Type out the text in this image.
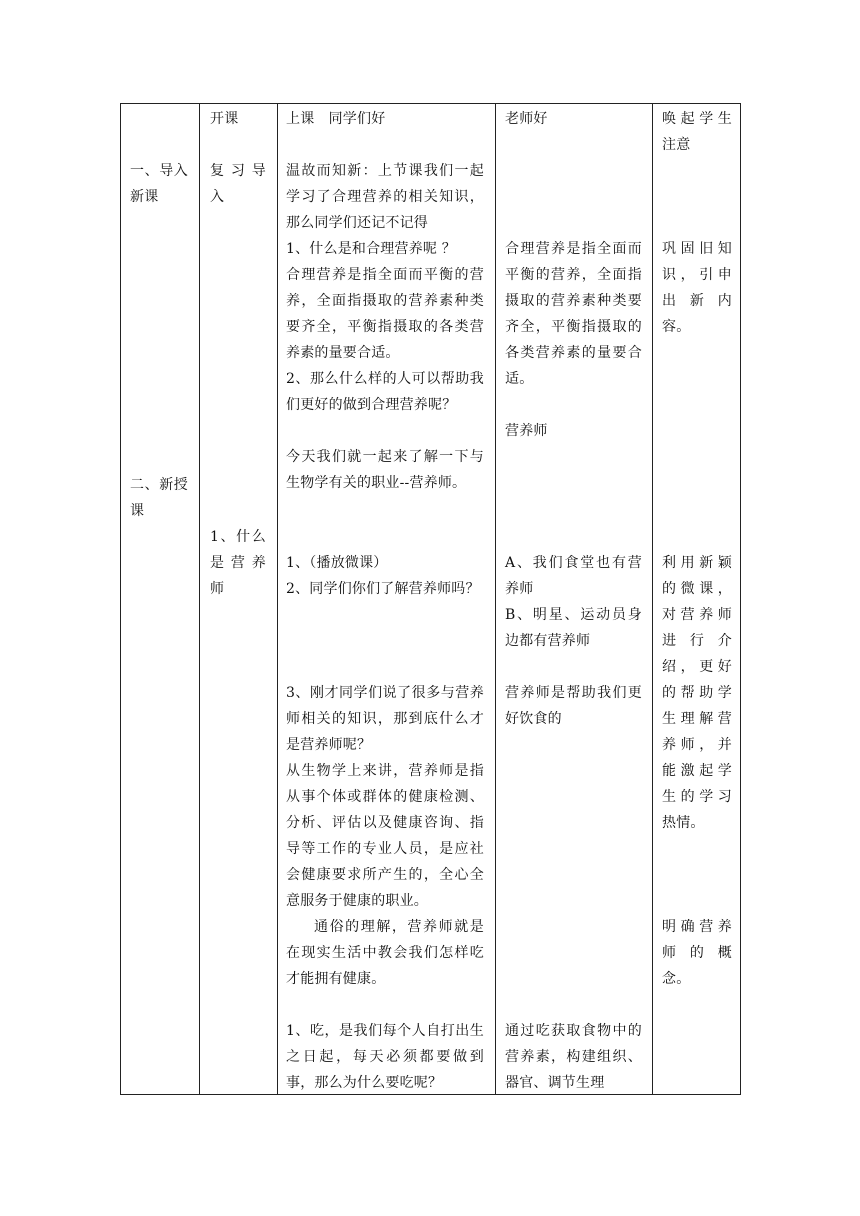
一、导入新课

二、新授课

开课

复习导入

1、什么是营养师

上课　同学们好

温故而知新：上节课我们一起学习了合理营养的相关知识，那么同学们还记不记得

1、什么是和合理营养呢 ？

合理营养是指全面而平衡的营养，全面指摄取的营养素种类要齐全，平衡指摄取的各类营养素的量要合适。

2、那么什么样的人可以帮助我们更好的做到合理营养呢？

今天我们就一起来了解一下与生物学有关的职业--营养师。

1、（播放微课）

2、同学们你们了解营养师吗？

3、刚才同学们说了很多与营养师相关的知识，那到底什么才是营养师呢？

从生物学上来讲，营养师是指从事个体或群体的健康检测、分析、评估以及健康咨询、指导等工作的专业人员，是应社会健康要求所产生的，全心全意服务于健康的职业。

通俗的理解，营养师就是在现实生活中教会我们怎样吃才能拥有健康。

1、吃，是我们每个人自打出生之日起，每天必须都要做到事，那么为什么要吃呢？

老师好

合理营养是指全面而平衡的营养，全面指摄取的营养素种类要齐全，平衡指摄取的各类营养素的量要合适。

营养师

A、我们食堂也有营养师

B、明星、运动员身边都有营养师

营养师是帮助我们更好饮食的

通过吃获取食物中的营养素，构建组织、器官、调节生理

唤起学生注意

巩固旧知识，引申出新内容。

利用新颖的微课，对营养师进行介绍，更好的帮助学生理解营养师，并能激起学生的学习热情。

明确营养师的概念。
